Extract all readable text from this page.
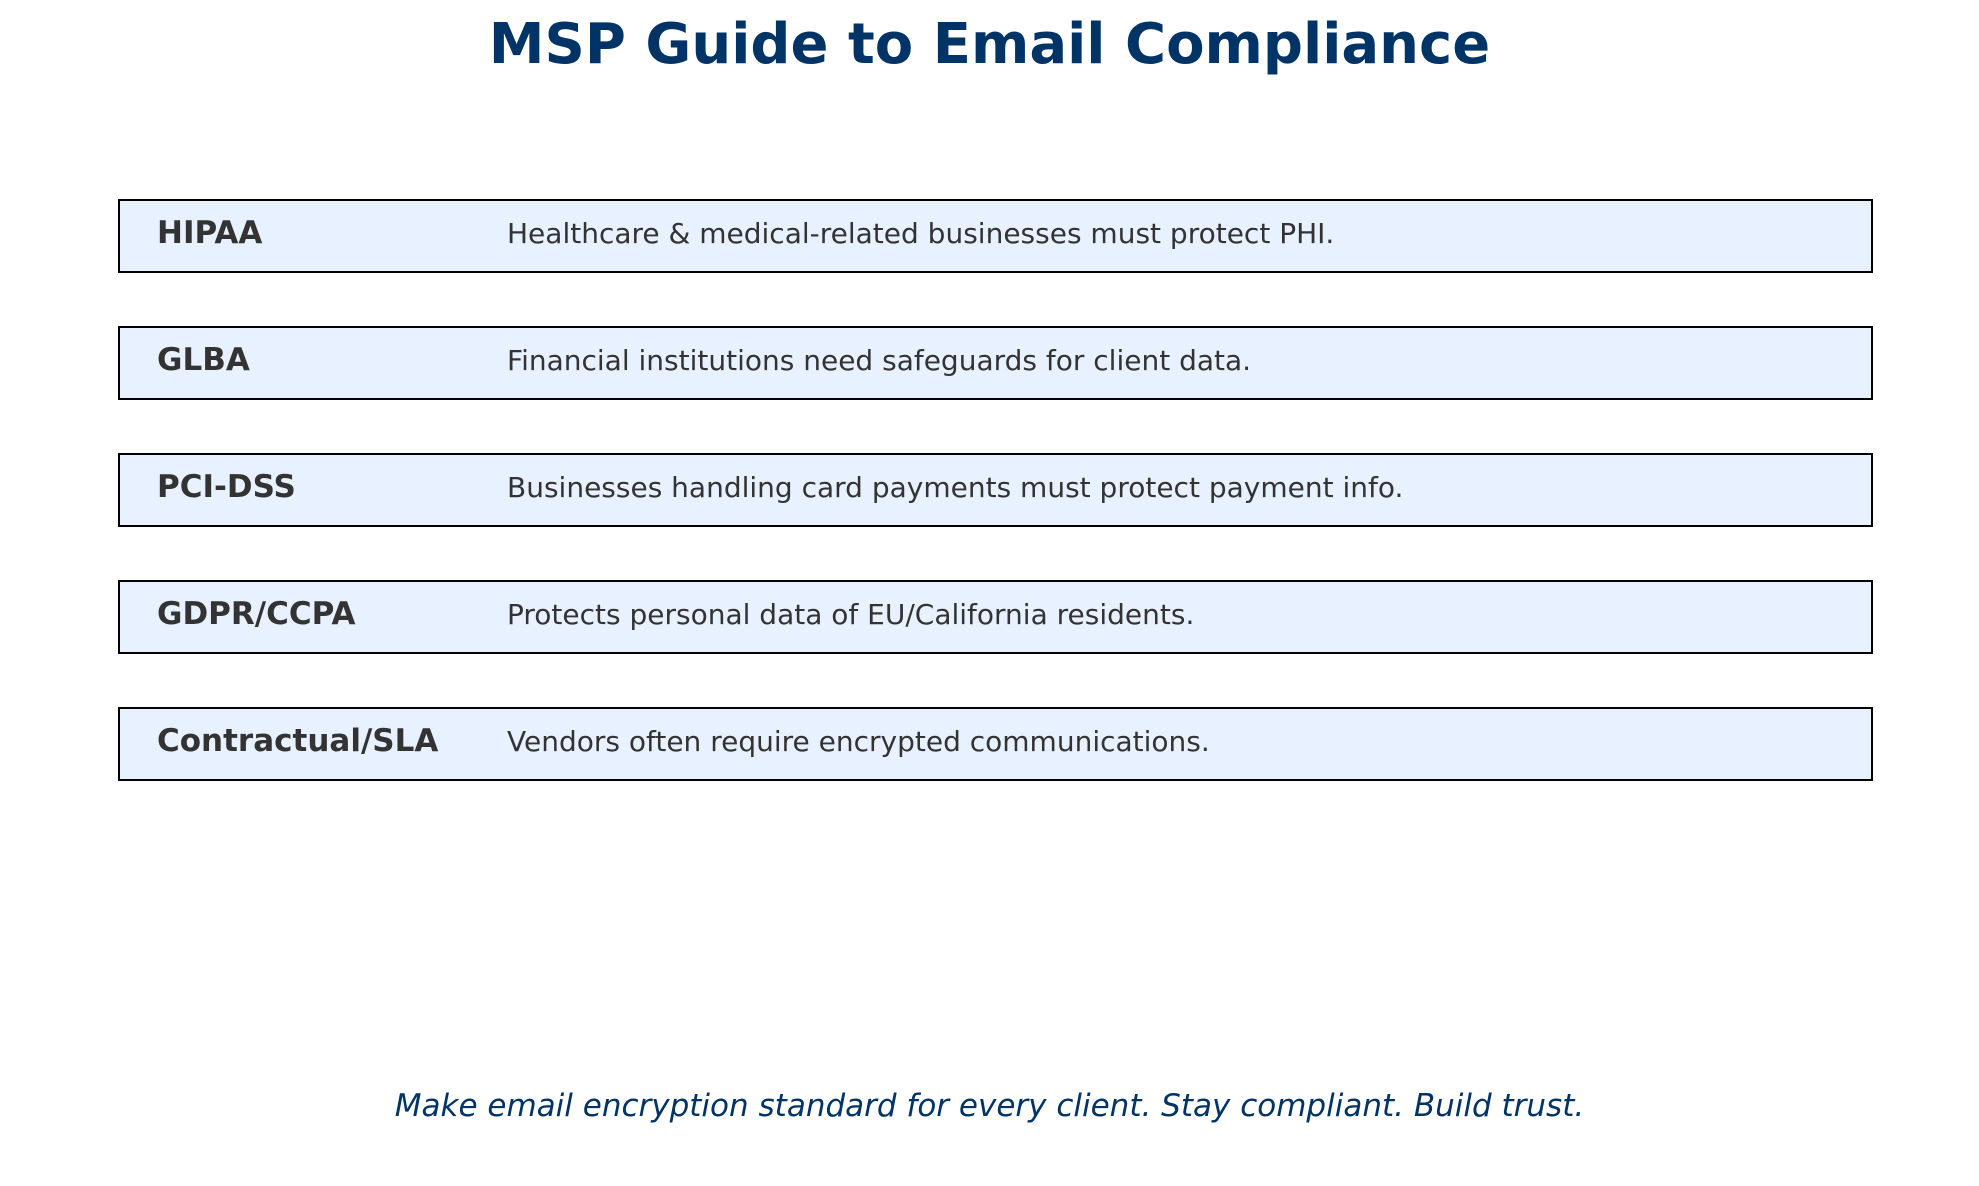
MSP Guide to Email Compliance
HIPAA	Healthcare & medical-related businesses must protect PHI.
GLBA	Financial institutions need safeguards for client data.
PCI-DSS	Businesses handling card payments must protect payment info.
GDPR/CCPA	Protects personal data of EU/California residents.
Contractual/SLA Vendors often require encrypted communications.

Make email encryption standard for every client. Stay compliant. Build trust.
